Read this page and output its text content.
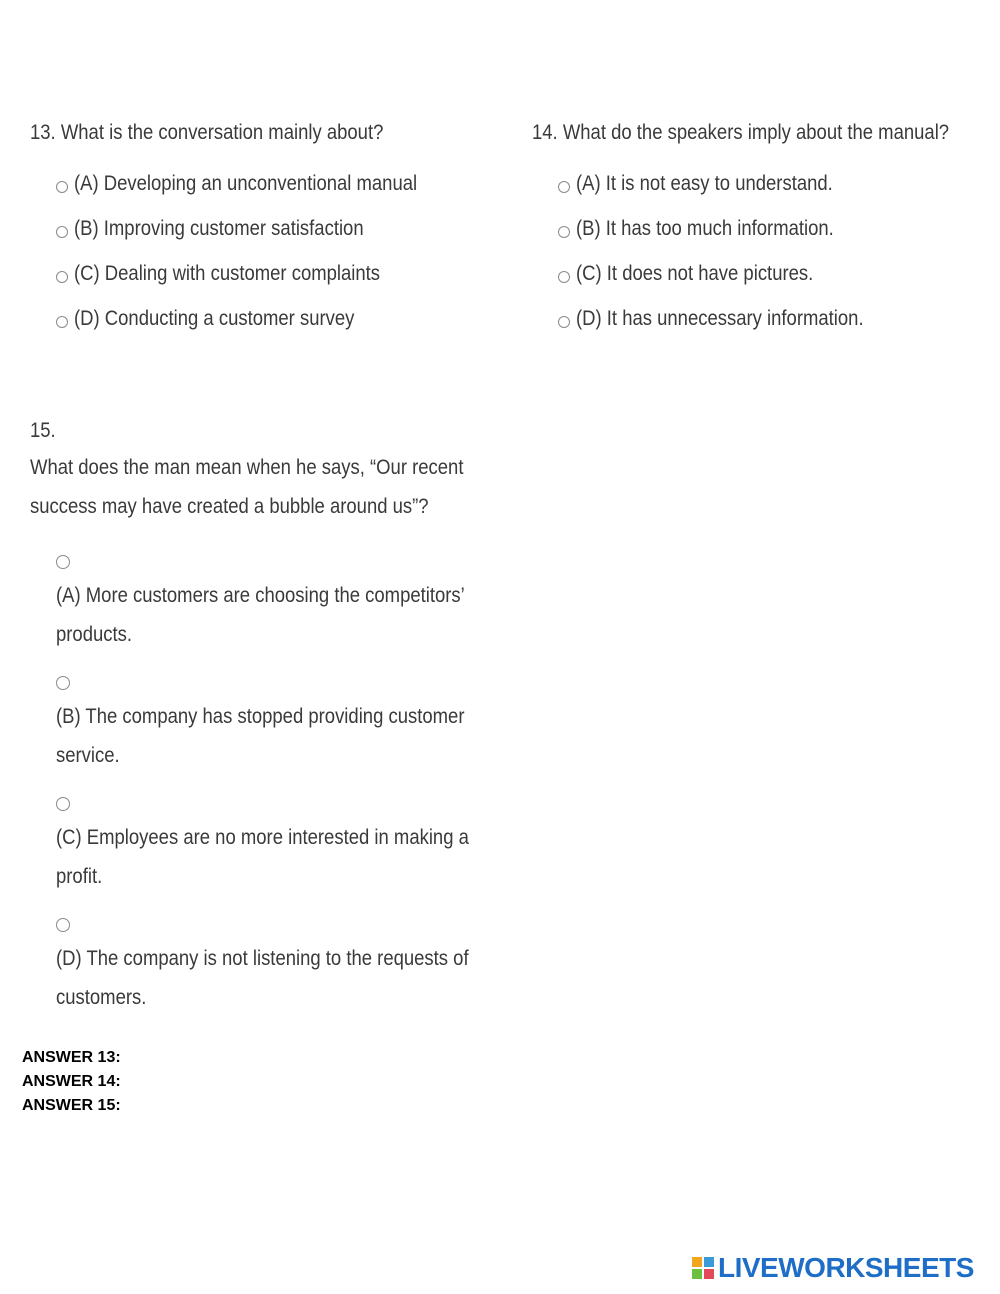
13. What is the conversation mainly about?
(A) Developing an unconventional manual
(B) Improving customer satisfaction
(C) Dealing with customer complaints
(D) Conducting a customer survey
14. What do the speakers imply about the manual?
(A) It is not easy to understand.
(B) It has too much information.
(C) It does not have pictures.
(D) It has unnecessary information.
15.
What does the man mean when he says, “Our recent
success may have created a bubble around us”?
(A) More customers are choosing the competitors’
products.
(B) The company has stopped providing customer
service.
(C) Employees are no more interested in making a
profit.
(D) The company is not listening to the requests of
customers.
ANSWER 13:
ANSWER 14:
ANSWER 15:
LIVEWORKSHEETS
